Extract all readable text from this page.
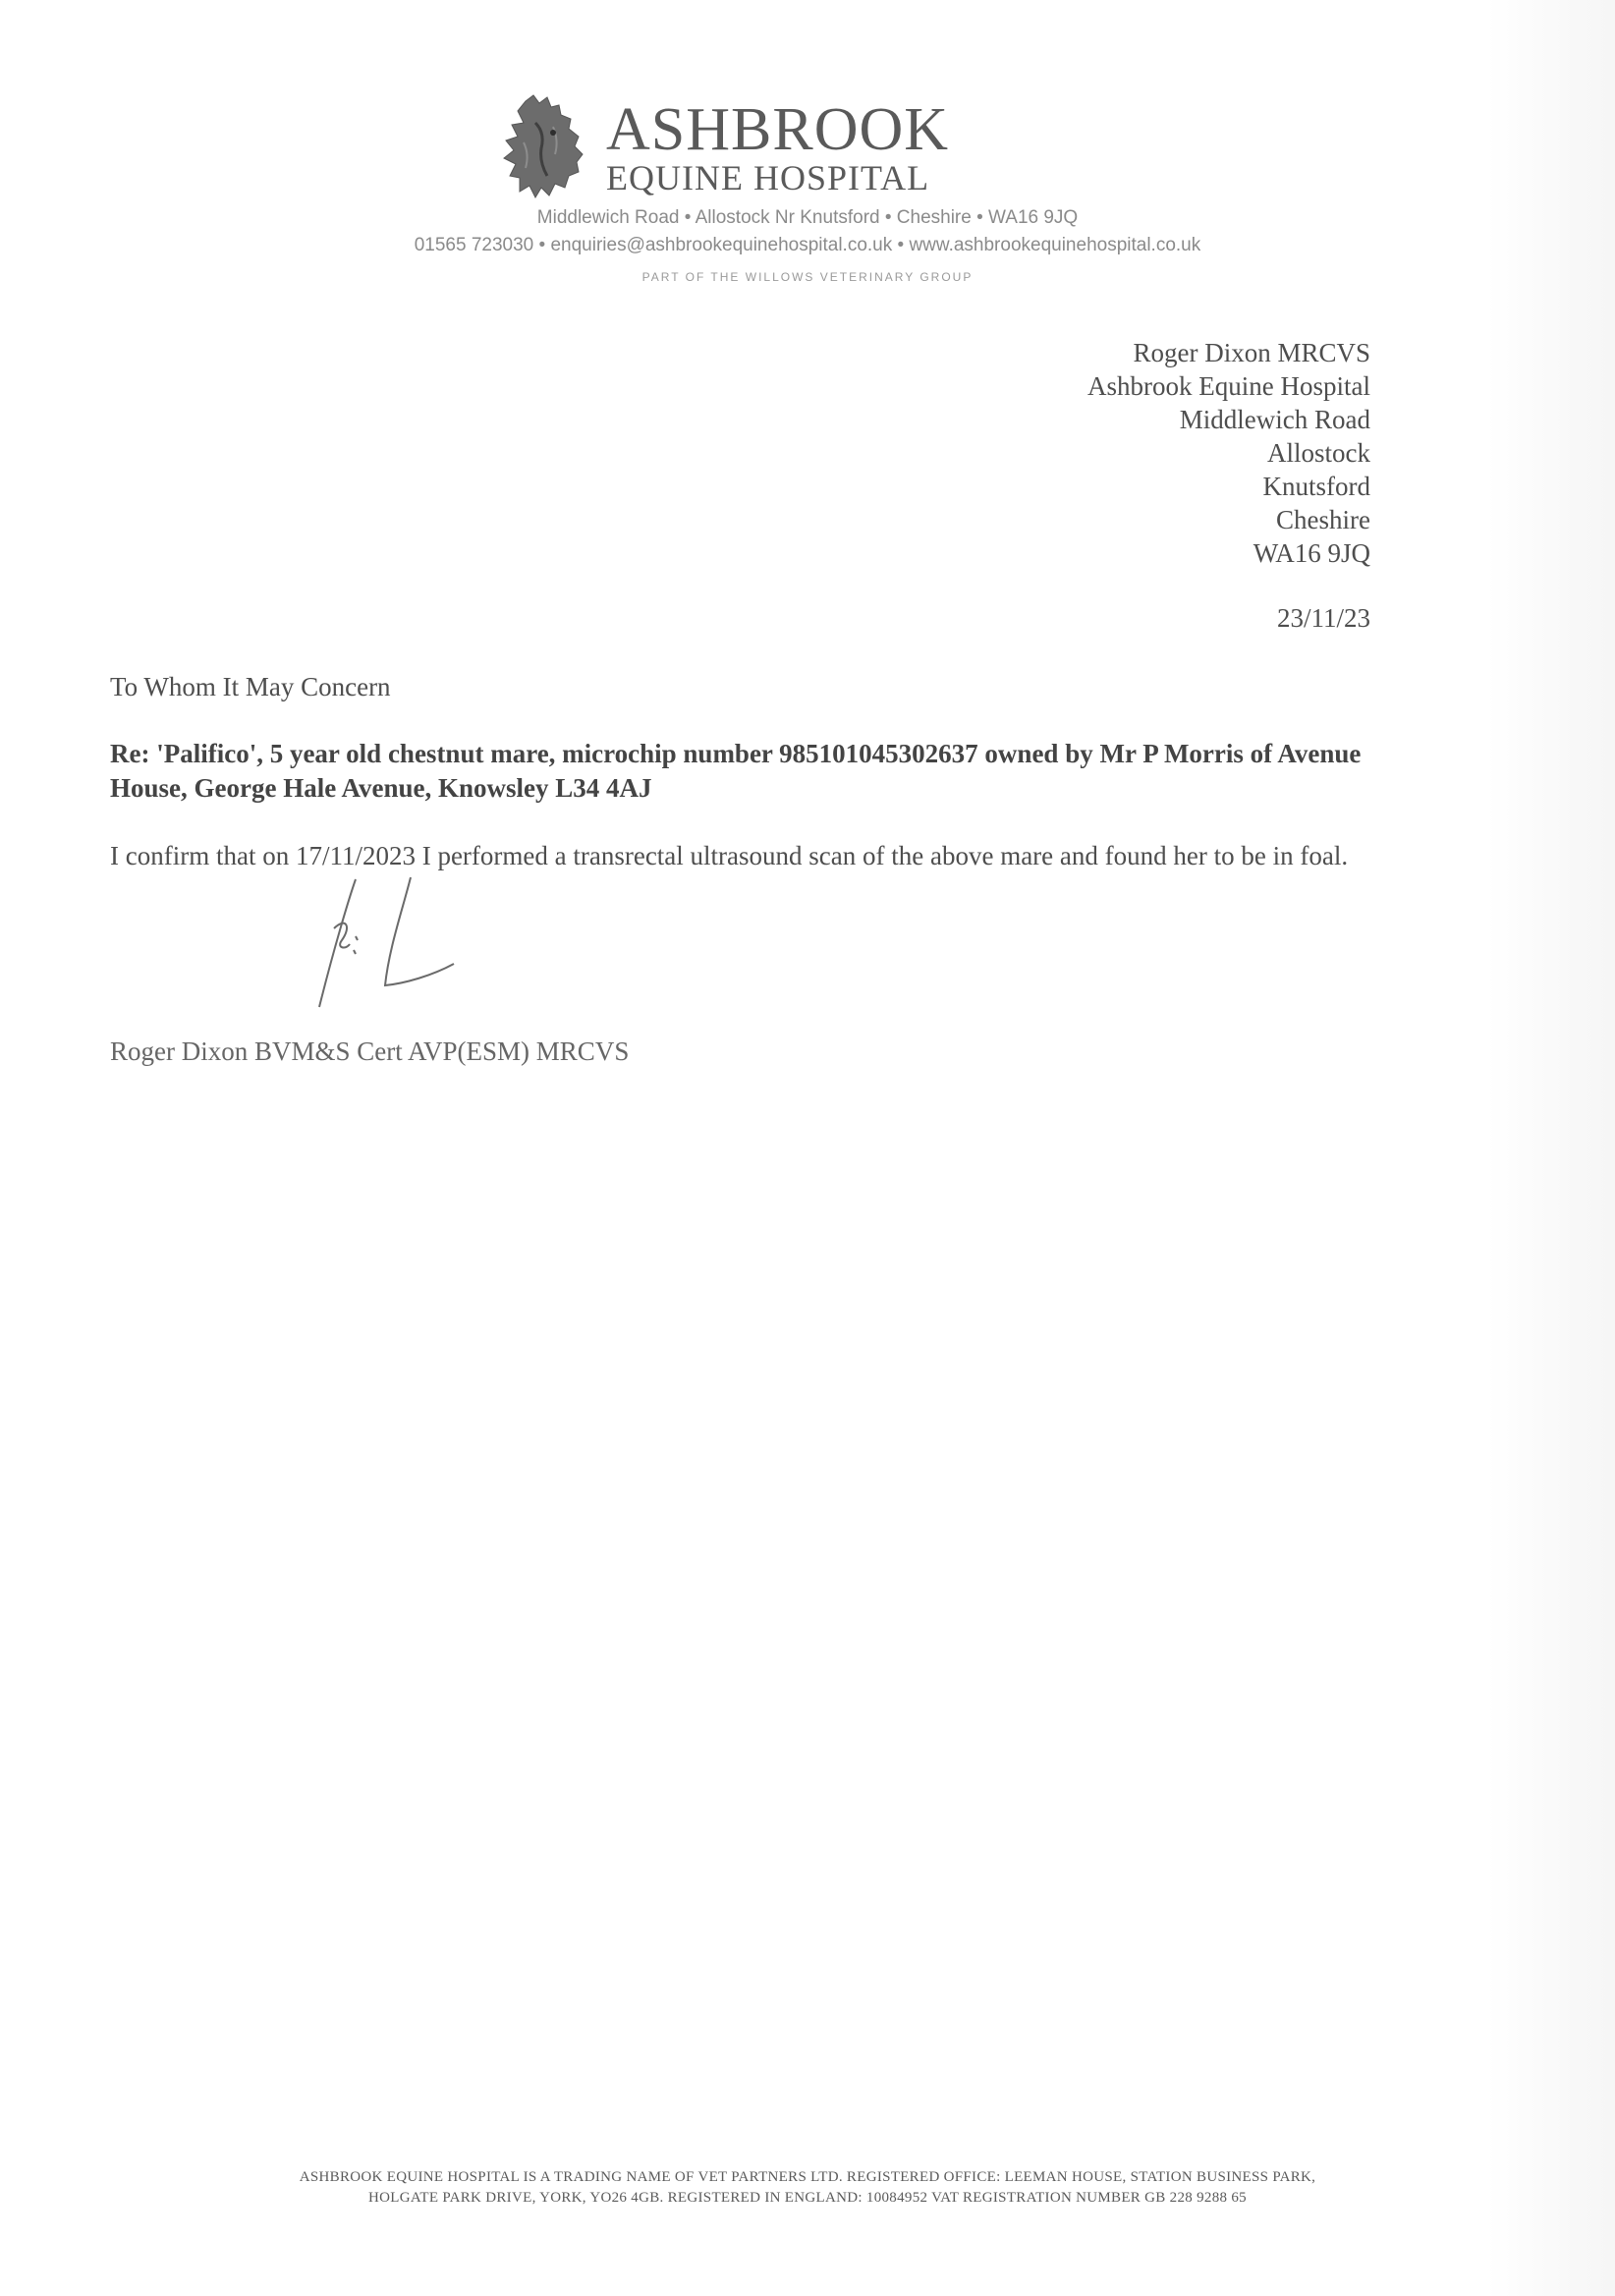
ASHBROOK
EQUINE HOSPITAL
Middlewich Road • Allostock Nr Knutsford • Cheshire • WA16 9JQ
01565 723030 • enquiries@ashbrookequinehospital.co.uk • www.ashbrookequinehospital.co.uk
PART OF THE WILLOWS VETERINARY GROUP
Roger Dixon MRCVS
Ashbrook Equine Hospital
Middlewich Road
Allostock
Knutsford
Cheshire
WA16 9JQ
23/11/23
To Whom It May Concern
Re: 'Palifico', 5 year old chestnut mare, microchip number 985101045302637 owned by Mr P Morris of Avenue House, George Hale Avenue, Knowsley L34 4AJ
I confirm that on 17/11/2023 I performed a transrectal ultrasound scan of the above mare and found her to be in foal.
Roger Dixon BVM&S Cert AVP(ESM) MRCVS
ASHBROOK EQUINE HOSPITAL IS A TRADING NAME OF VET PARTNERS LTD. REGISTERED OFFICE: LEEMAN HOUSE, STATION BUSINESS PARK,
HOLGATE PARK DRIVE, YORK, YO26 4GB. REGISTERED IN ENGLAND: 10084952 VAT REGISTRATION NUMBER GB 228 9288 65
